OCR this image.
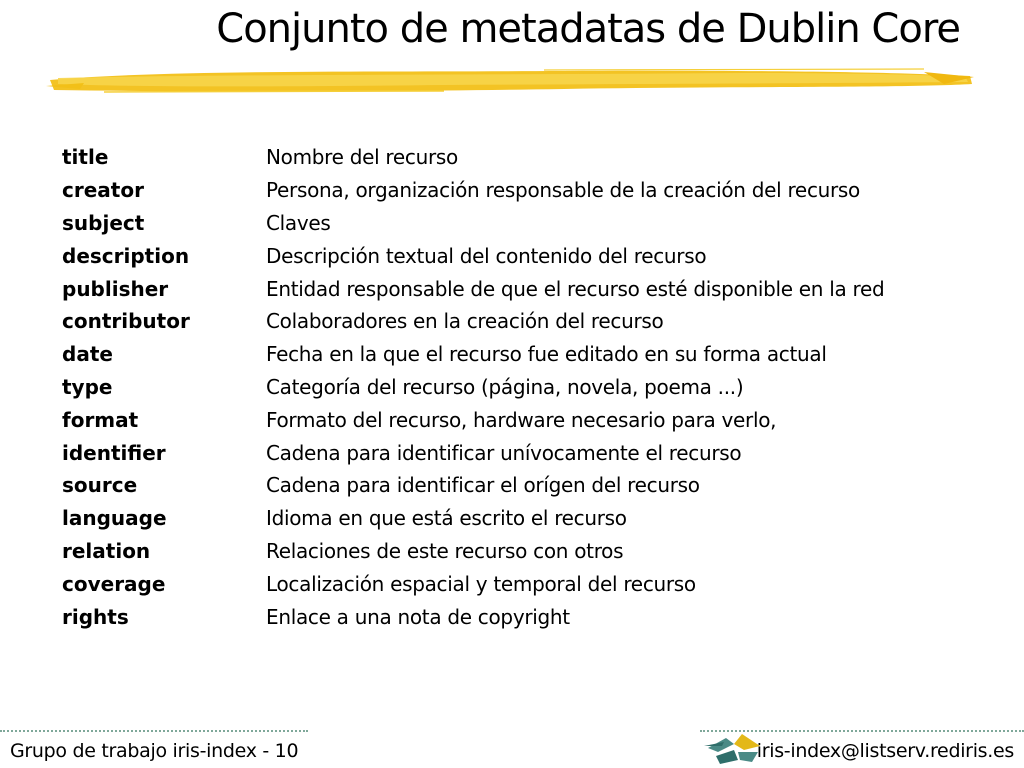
Conjunto de metadatas de Dublin Core
title	Nombre del recurso
creator	Persona, organización responsable de la creación del recurso
subject	Claves
description	Descripción textual del contenido del recurso
publisher	Entidad responsable de que el recurso esté disponible en la red
contributor	Colaboradores en la creación del recurso
date	Fecha en la que el recurso fue editado en su forma actual
type	Categoría del recurso (página, novela, poema ...)
format	Formato del recurso, hardware necesario para verlo,
identifier	Cadena para identificar unívocamente el recurso
source	Cadena para identificar el orígen del recurso
language	Idioma en que está escrito el recurso
relation	Relaciones de este recurso con otros
coverage	Localización espacial y temporal del recurso
rights	Enlace a una nota de copyright
Grupo de trabajo iris-index - 10	iris-index@listserv.rediris.es
